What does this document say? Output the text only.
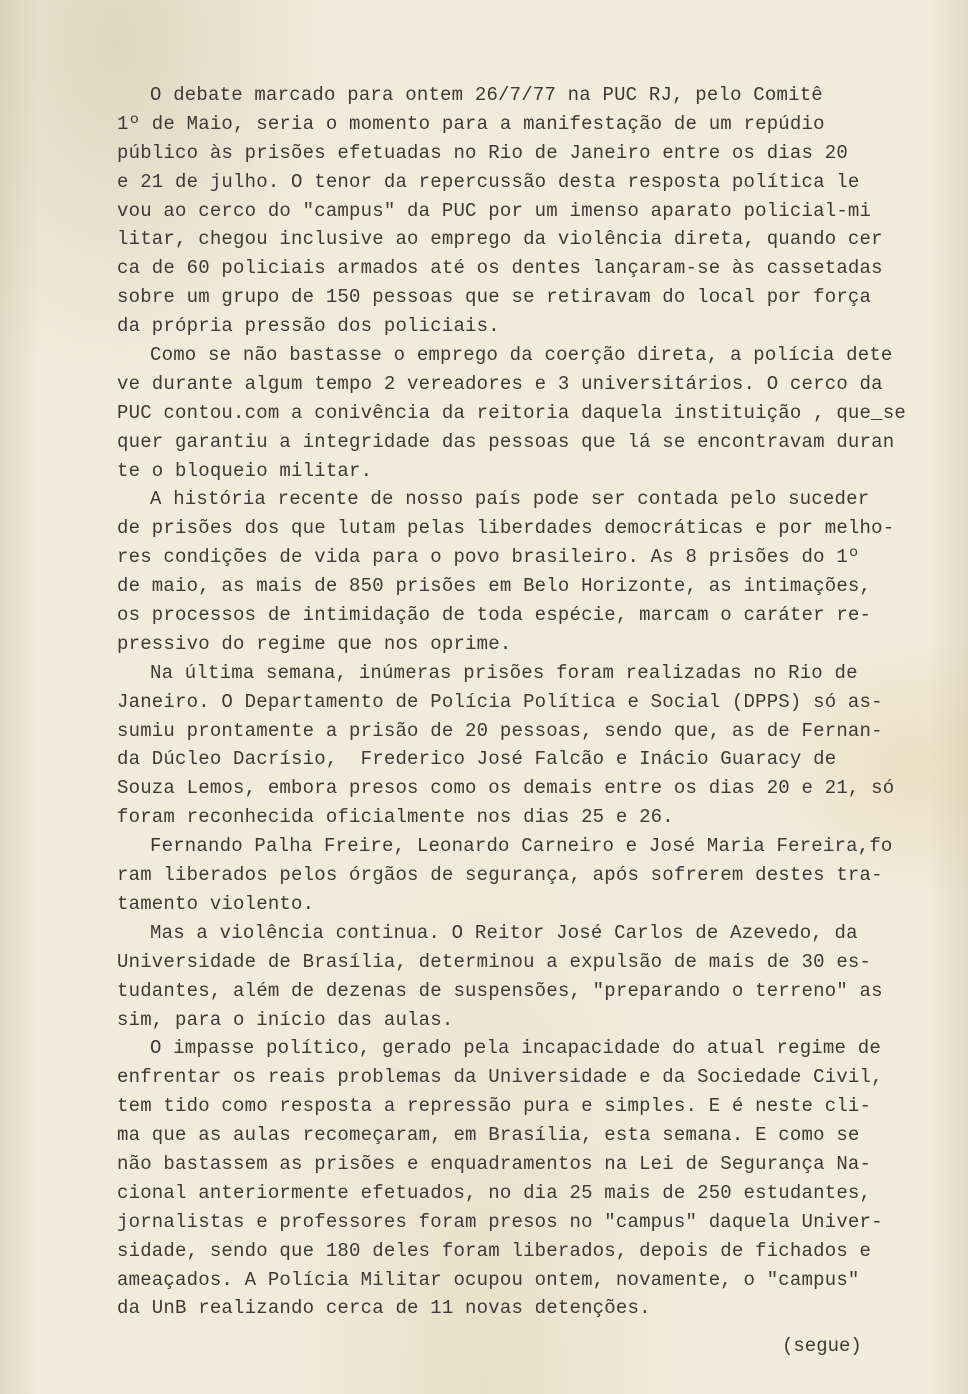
O debate marcado para ontem 26/7/77 na PUC RJ, pelo Comitê
1º de Maio, seria o momento para a manifestação de um repúdio
público às prisões efetuadas no Rio de Janeiro entre os dias 20
e 21 de julho. O tenor da repercussão desta resposta política le
vou ao cerco do "campus" da PUC por um imenso aparato policial-mi
litar, chegou inclusive ao emprego da violência direta, quando cer
ca de 60 policiais armados até os dentes lançaram-se às cassetadas
sobre um grupo de 150 pessoas que se retiravam do local por força
da própria pressão dos policiais.
Como se não bastasse o emprego da coerção direta, a polícia dete
ve durante algum tempo 2 vereadores e 3 universitários. O cerco da
PUC contou.com a conivência da reitoria daquela instituição , que_se
quer garantiu a integridade das pessoas que lá se encontravam duran
te o bloqueio militar.
A história recente de nosso país pode ser contada pelo suceder
de prisões dos que lutam pelas liberdades democráticas e por melho-
res condições de vida para o povo brasileiro. As 8 prisões do 1º
de maio, as mais de 850 prisões em Belo Horizonte, as intimações,
os processos de intimidação de toda espécie, marcam o caráter re-
pressivo do regime que nos oprime.
Na última semana, inúmeras prisões foram realizadas no Rio de
Janeiro. O Departamento de Polícia Política e Social (DPPS) só as-
sumiu prontamente a prisão de 20 pessoas, sendo que, as de Fernan-
da Dúcleo Dacrísio,  Frederico José Falcão e Inácio Guaracy de
Souza Lemos, embora presos como os demais entre os dias 20 e 21, só
foram reconhecida oficialmente nos dias 25 e 26.
Fernando Palha Freire, Leonardo Carneiro e José Maria Fereira,fo
ram liberados pelos órgãos de segurança, após sofrerem destes tra-
tamento violento.
Mas a violência continua. O Reitor José Carlos de Azevedo, da
Universidade de Brasília, determinou a expulsão de mais de 30 es-
tudantes, além de dezenas de suspensões, "preparando o terreno" as
sim, para o início das aulas.
O impasse político, gerado pela incapacidade do atual regime de
enfrentar os reais problemas da Universidade e da Sociedade Civil,
tem tido como resposta a repressão pura e simples. E é neste cli-
ma que as aulas recomeçaram, em Brasília, esta semana. E como se
não bastassem as prisões e enquadramentos na Lei de Segurança Na-
cional anteriormente efetuados, no dia 25 mais de 250 estudantes,
jornalistas e professores foram presos no "campus" daquela Univer-
sidade, sendo que 180 deles foram liberados, depois de fichados e
ameaçados. A Polícia Militar ocupou ontem, novamente, o "campus"
da UnB realizando cerca de 11 novas detenções.
(segue)
